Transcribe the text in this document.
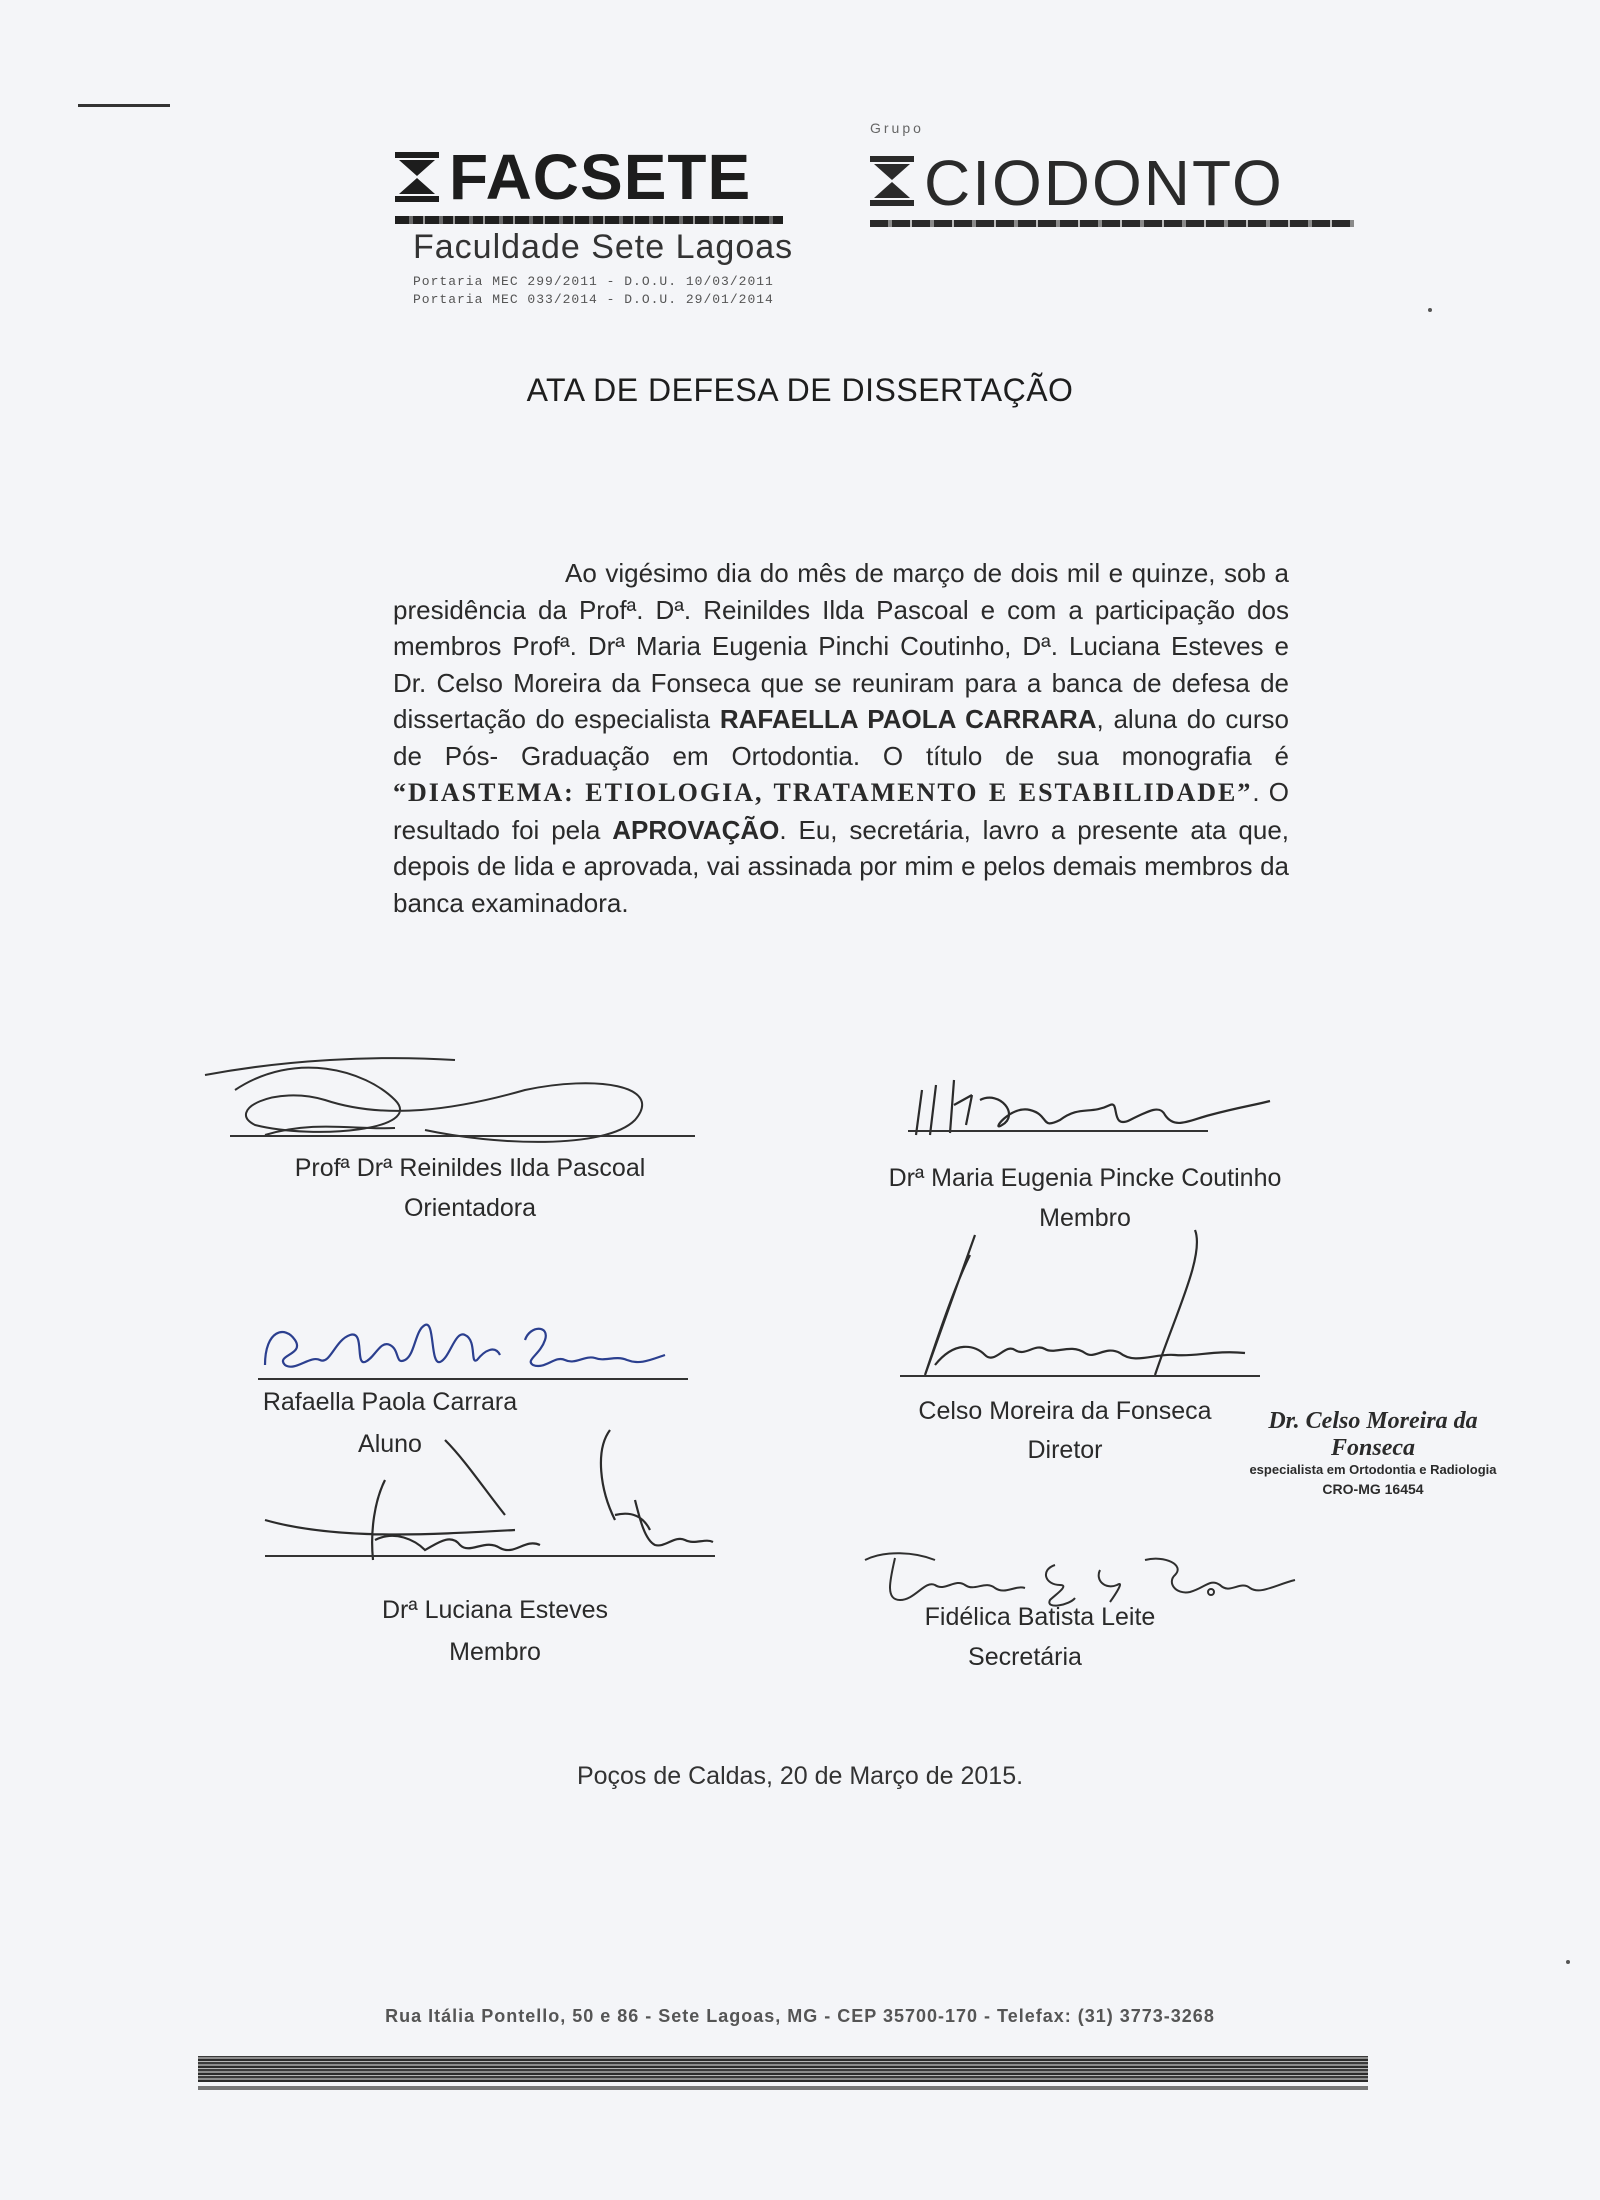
FACSETE
Faculdade Sete Lagoas
Portaria MEC 299/2011 - D.O.U. 10/03/2011
Portaria MEC 033/2014 - D.O.U. 29/01/2014
Grupo
CIODONTO
ATA DE DEFESA DE DISSERTAÇÃO
Ao vigésimo dia do mês de março de dois mil e quinze, sob a presidência da Profª. Dª. Reinildes Ilda Pascoal e com a participação dos membros Profª. Drª Maria Eugenia Pinchi Coutinho, Dª. Luciana Esteves e Dr. Celso Moreira da Fonseca que se reuniram para a banca de defesa de dissertação do especialista RAFAELLA PAOLA CARRARA, aluna do curso de Pós- Graduação em Ortodontia. O título de sua monografia é “DIASTEMA: ETIOLOGIA, TRATAMENTO E ESTABILIDADE”. O resultado foi pela APROVAÇÃO. Eu, secretária, lavro a presente ata que, depois de lida e aprovada, vai assinada por mim e pelos demais membros da banca examinadora.
Profª Drª Reinildes Ilda Pascoal
Orientadora
Drª Maria Eugenia Pincke Coutinho
Membro
Rafaella Paola Carrara
Aluno
Celso Moreira da Fonseca
Diretor
Dr. Celso Moreira da Fonseca
especialista em Ortodontia e Radiologia
CRO-MG 16454
Drª Luciana Esteves
Membro
Fidélica Batista Leite
Secretária
Poços de Caldas, 20 de Março de 2015.
Rua Itália Pontello, 50 e 86 - Sete Lagoas, MG - CEP 35700-170 - Telefax: (31) 3773-3268
